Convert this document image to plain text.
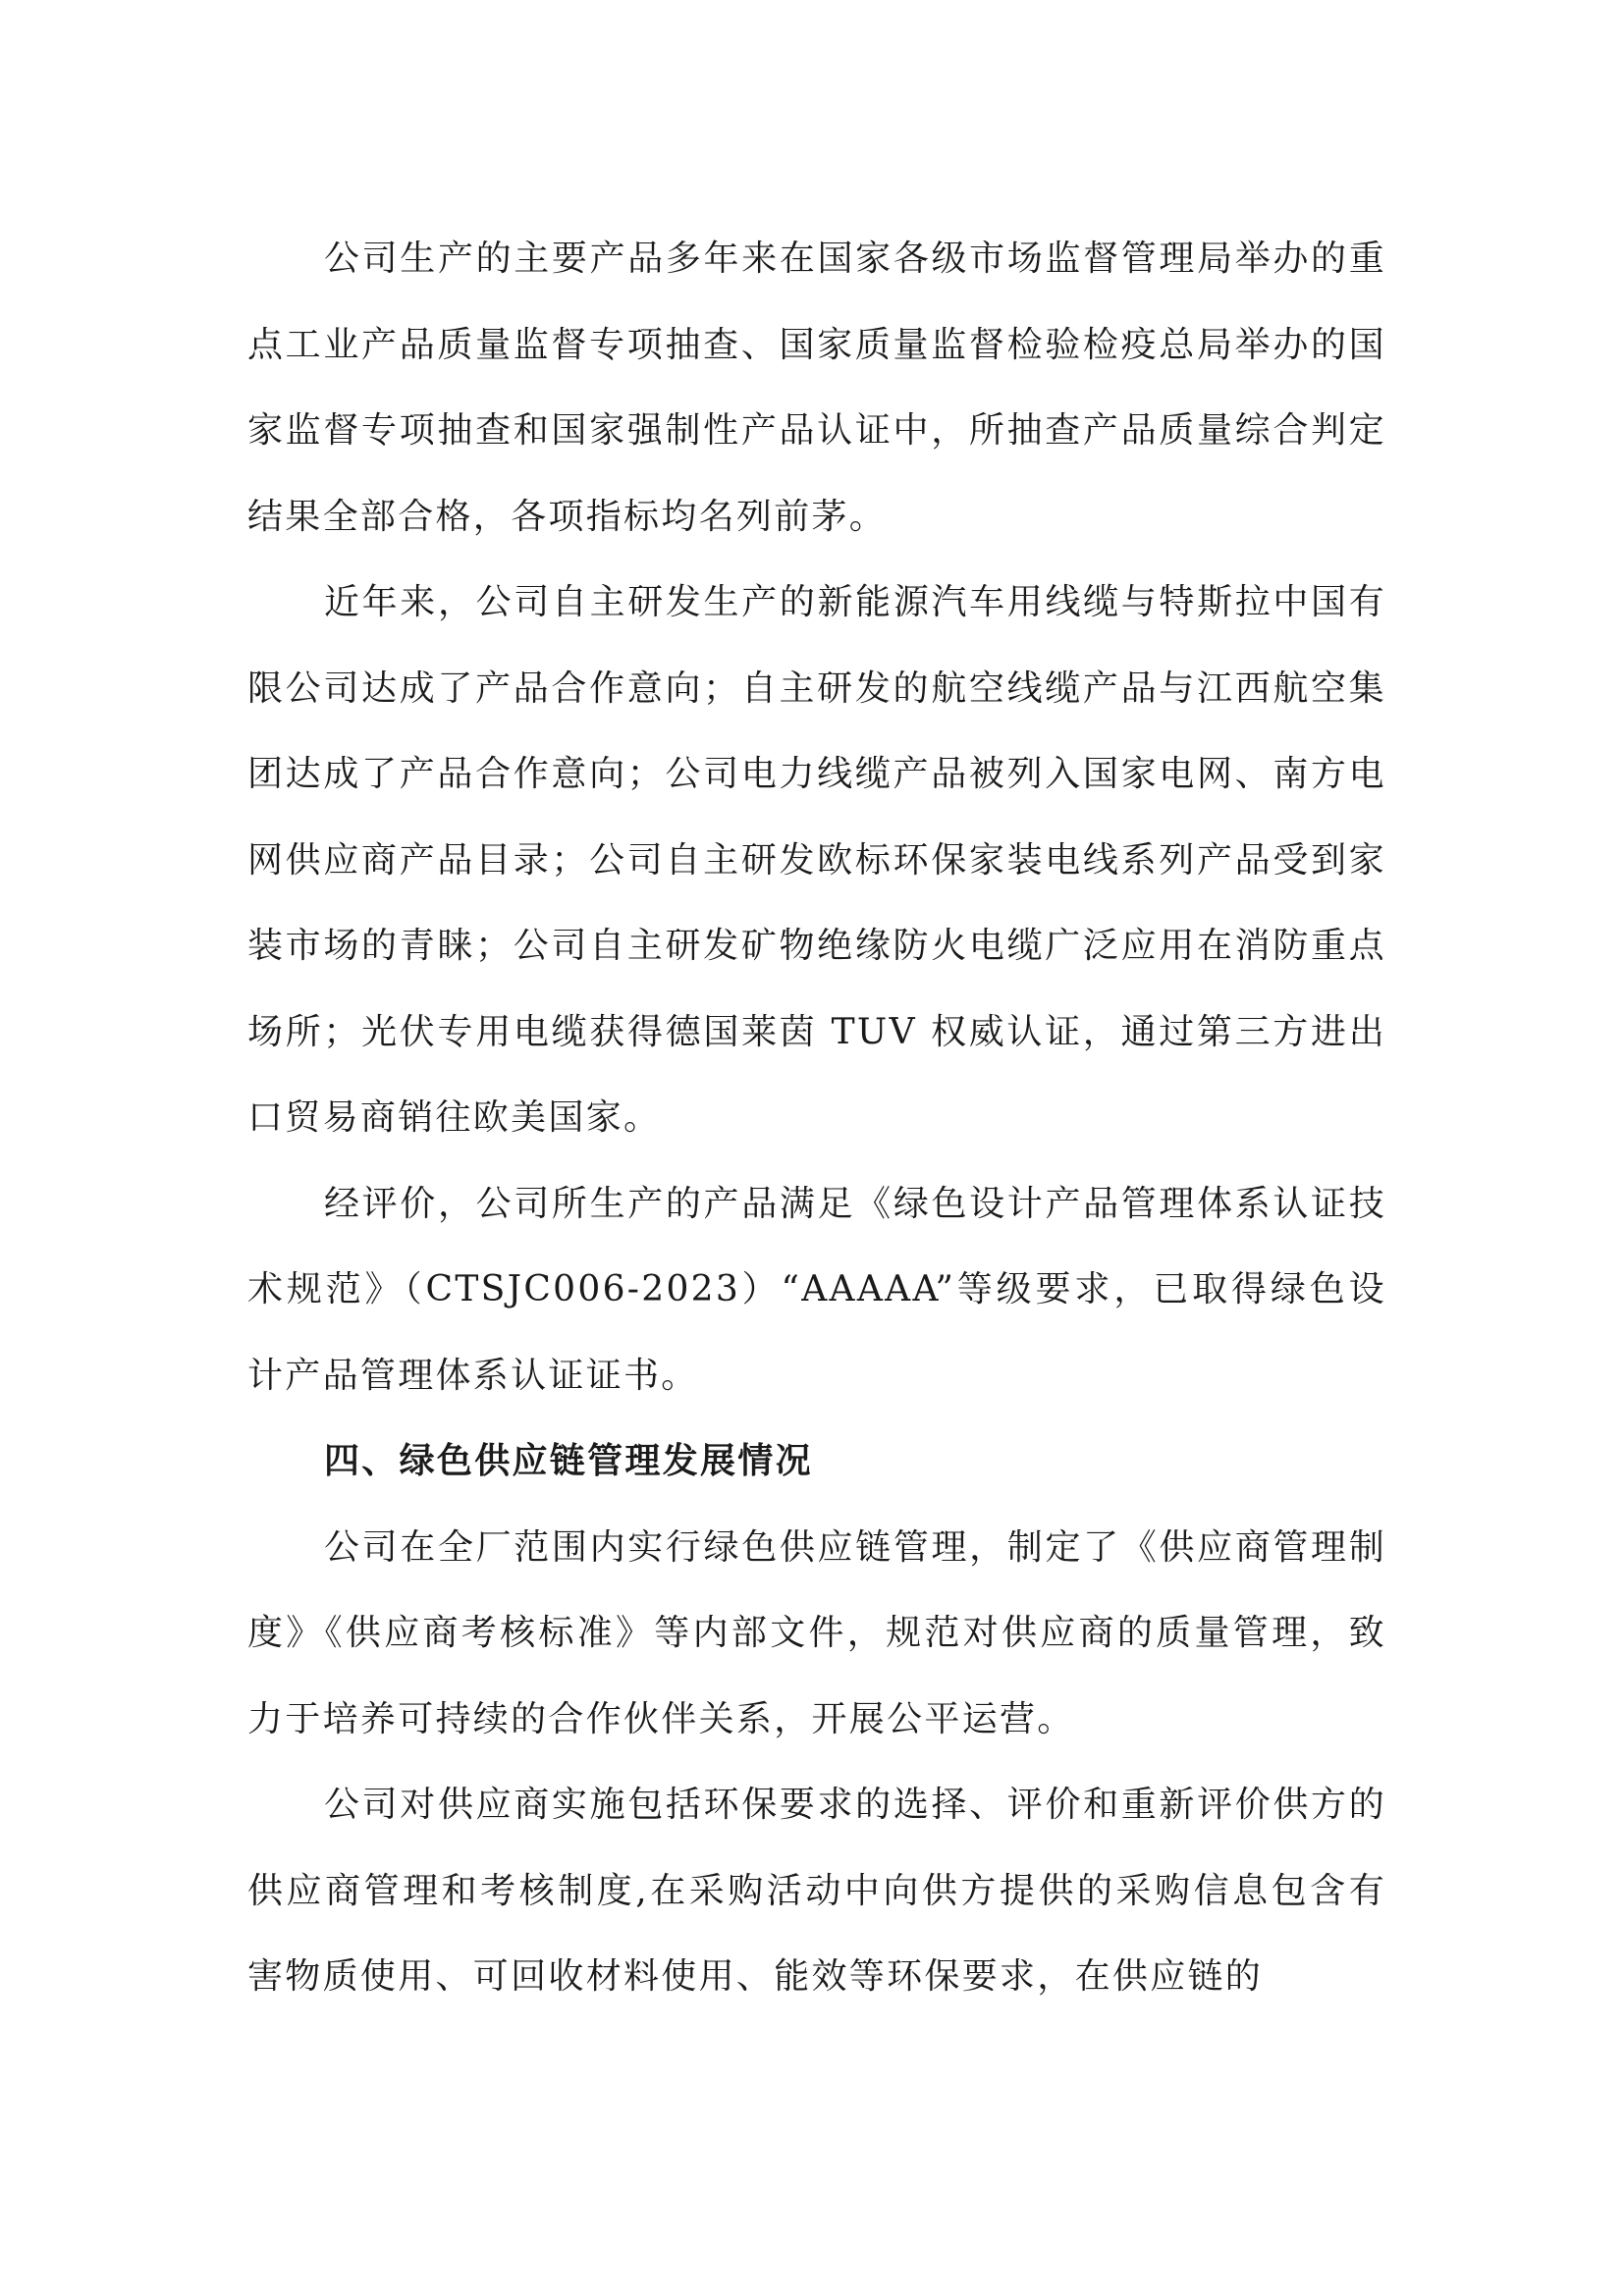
公司生产的主要产品多年来在国家各级市场监督管理局举办的重点工业产品质量监督专项抽查、国家质量监督检验检疫总局举办的国家监督专项抽查和国家强制性产品认证中，所抽查产品质量综合判定结果全部合格，各项指标均名列前茅。

近年来，公司自主研发生产的新能源汽车用线缆与特斯拉中国有限公司达成了产品合作意向；自主研发的航空线缆产品与江西航空集团达成了产品合作意向；公司电力线缆产品被列入国家电网、南方电网供应商产品目录；公司自主研发欧标环保家装电线系列产品受到家装市场的青睐；公司自主研发矿物绝缘防火电缆广泛应用在消防重点场所；光伏专用电缆获得德国莱茵 TUV 权威认证，通过第三方进出口贸易商销往欧美国家。

经评价，公司所生产的产品满足《绿色设计产品管理体系认证技术规范》（CTSJC006-2023）“AAAAA”等级要求，已取得绿色设计产品管理体系认证证书。

四、绿色供应链管理发展情况

公司在全厂范围内实行绿色供应链管理，制定了《供应商管理制度》《供应商考核标准》等内部文件，规范对供应商的质量管理，致力于培养可持续的合作伙伴关系，开展公平运营。

公司对供应商实施包括环保要求的选择、评价和重新评价供方的供应商管理和考核制度,在采购活动中向供方提供的采购信息包含有害物质使用、可回收材料使用、能效等环保要求，在供应链的
